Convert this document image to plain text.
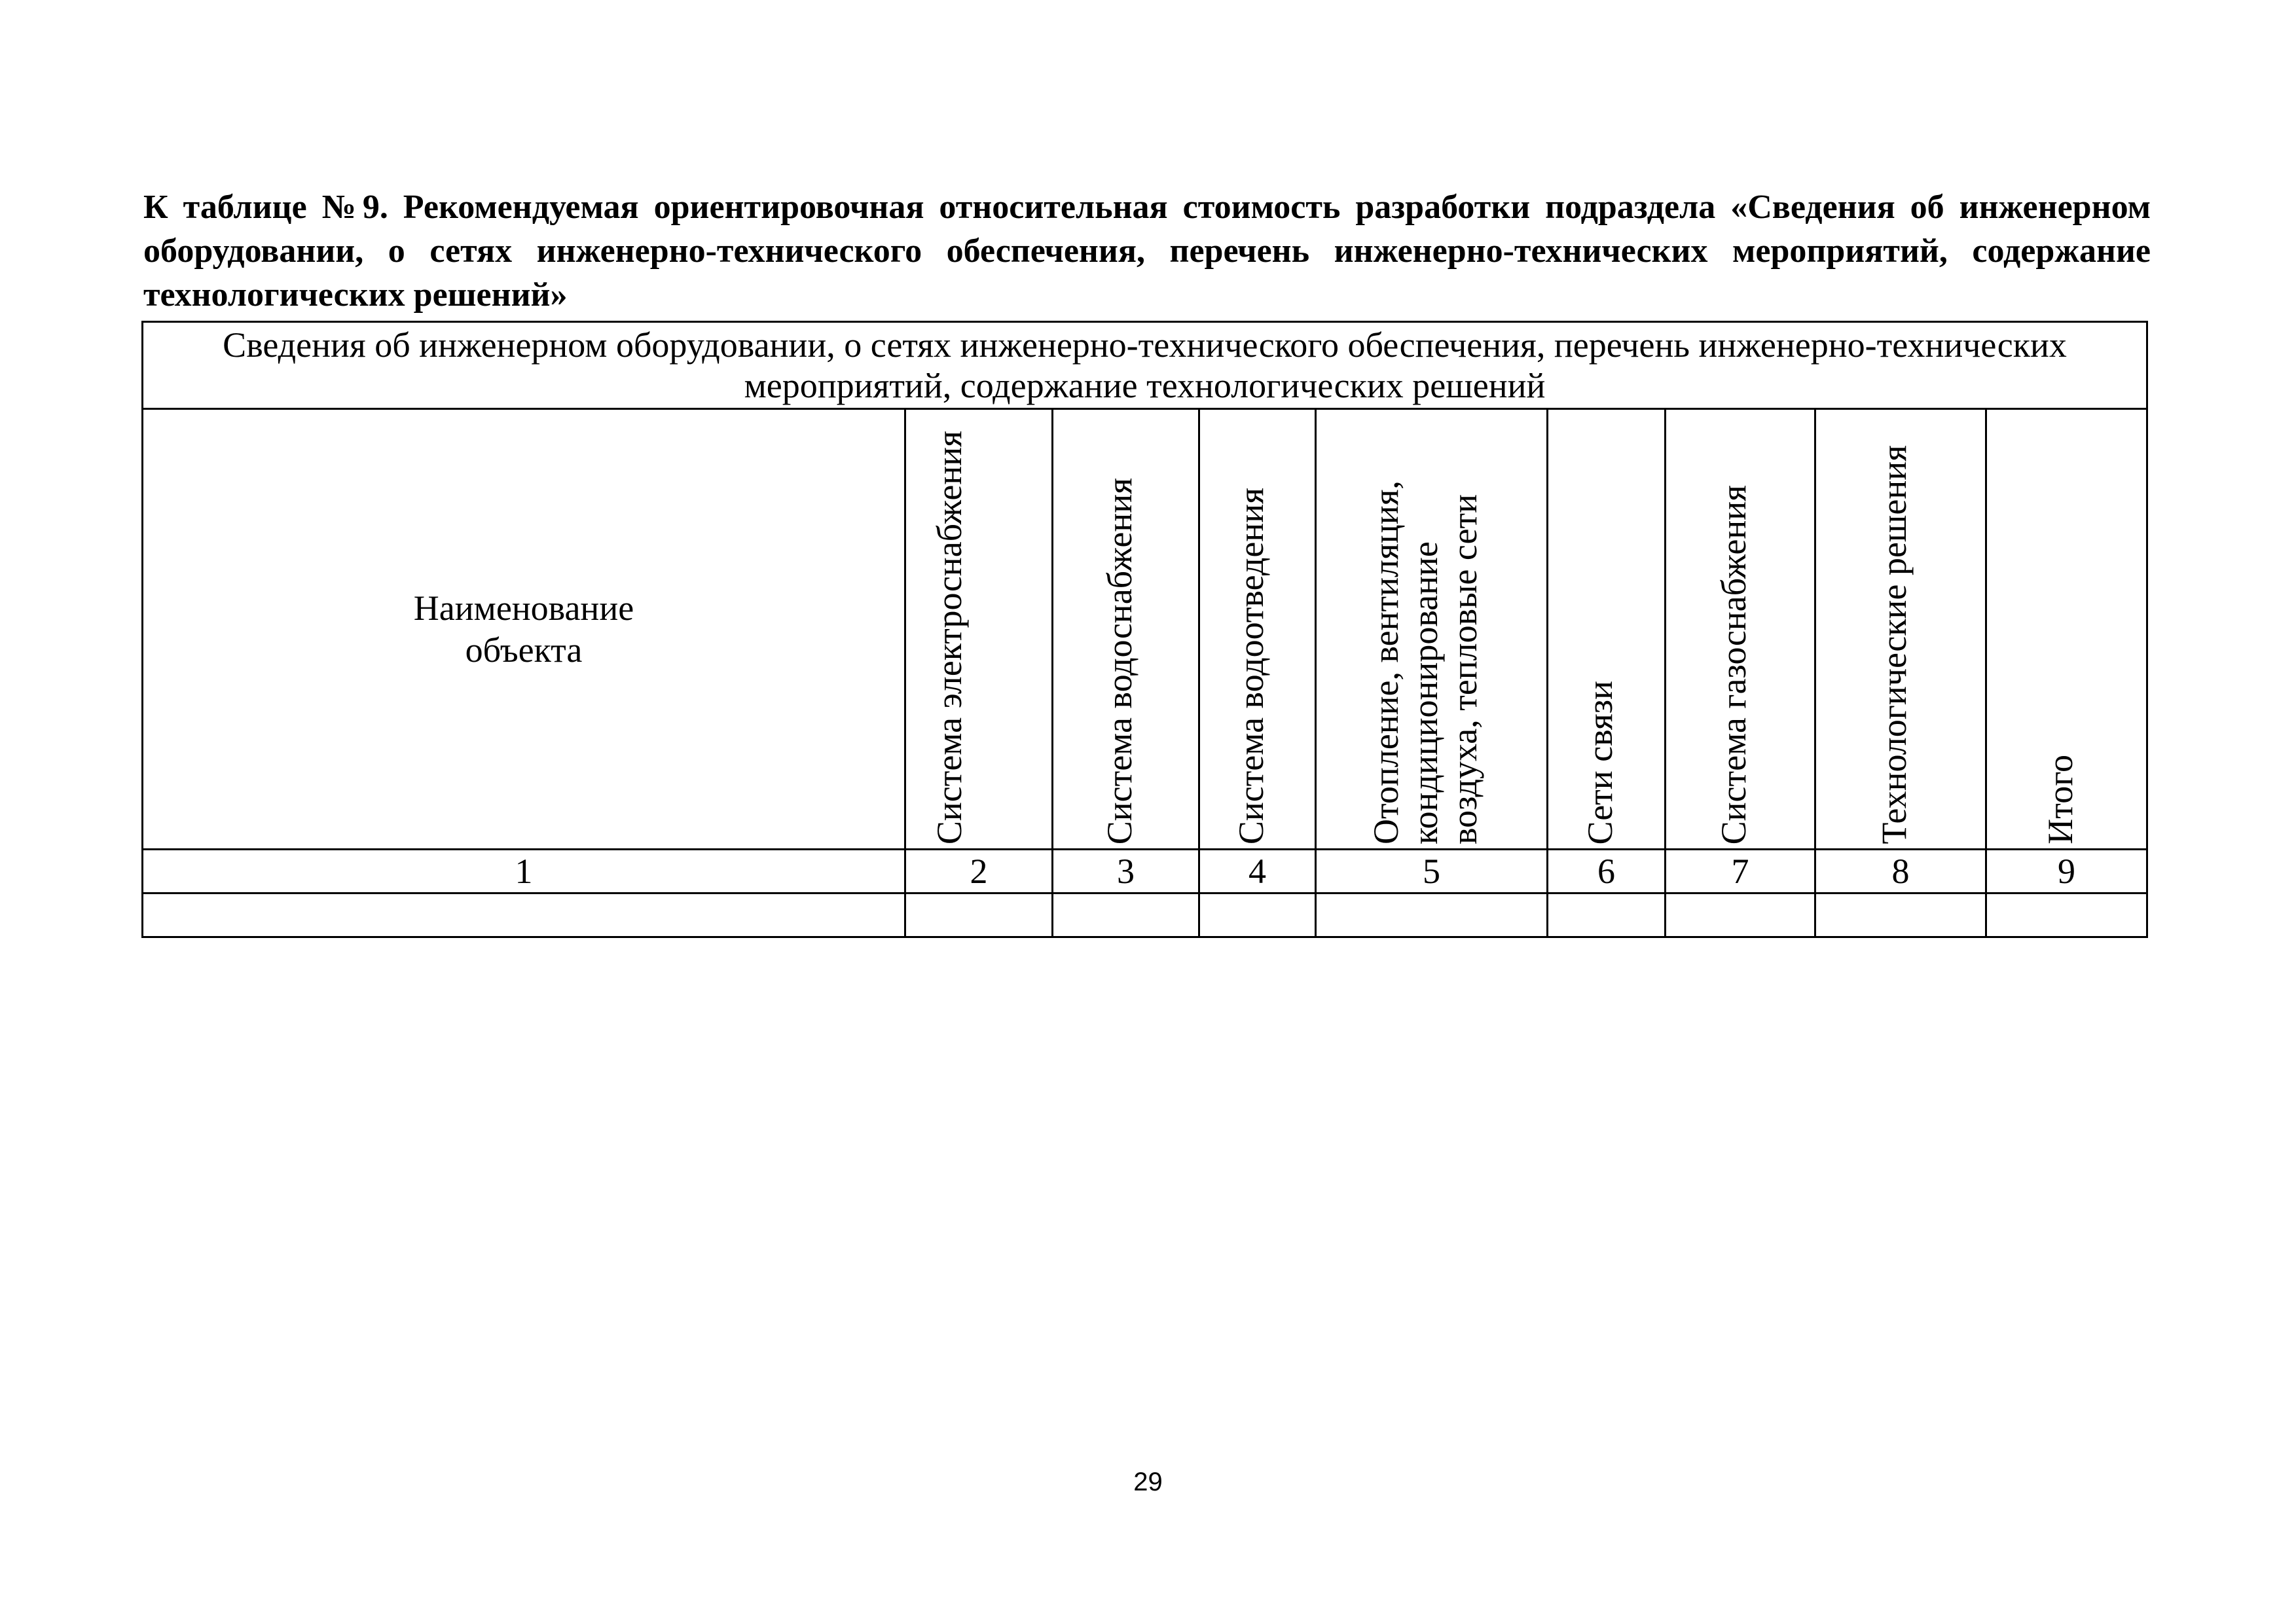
К таблице №9. Рекомендуемая ориентировочная относительная стоимость разработки подраздела «Сведения об инженерном оборудовании, о сетях инженерно-технического обеспечения, перечень инженерно-технических мероприятий, содержание технологических решений»

Сведения об инженерном оборудовании, о сетях инженерно-технического обеспечения, перечень инженерно-технических мероприятий, содержание технологических решений								

Наименование объекта	Система электроснабжения	Система водоснабжения	Система водоотведения	Отопление, вентиляция, кондиционирование воздуха, тепловые сети	Сети связи	Система газоснабжения	Технологические решения	Итого

1	2	3	4	5	6	7	8	9

29
